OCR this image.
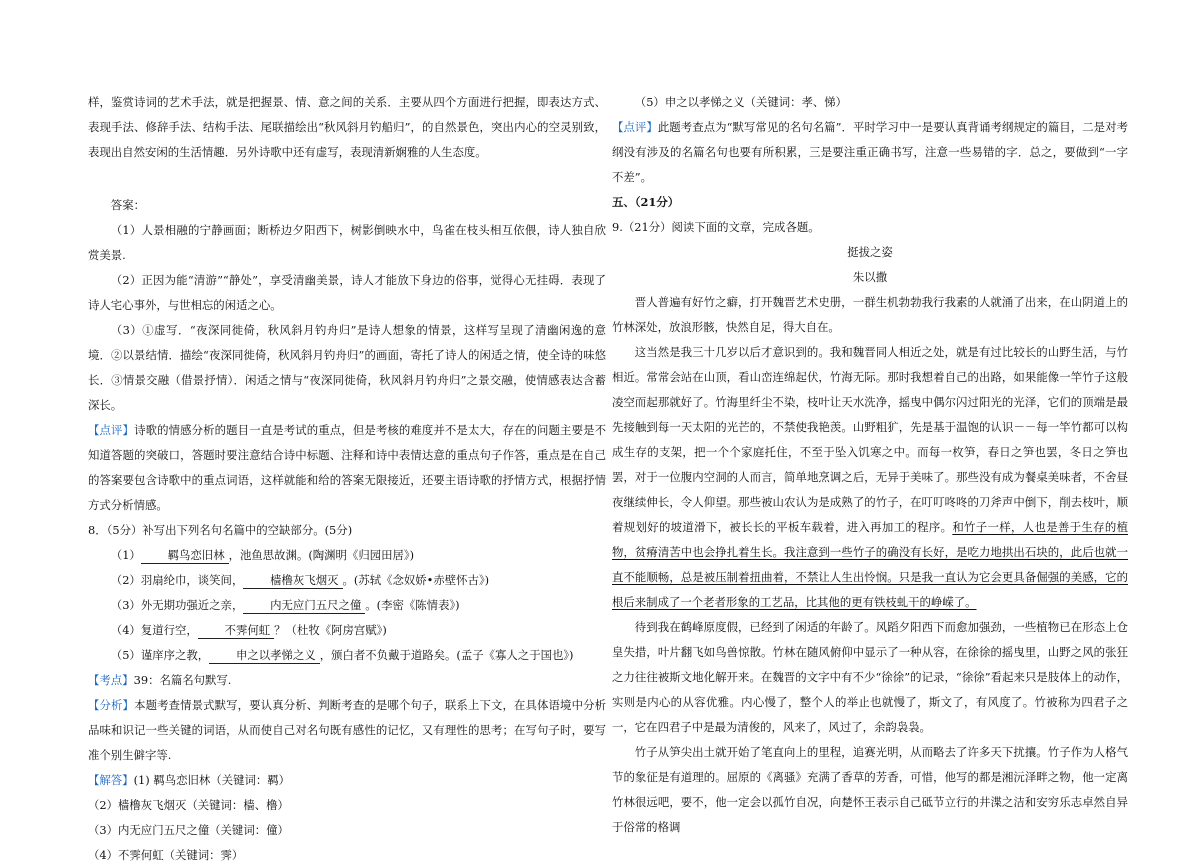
样，鉴赏诗词的艺术手法，就是把握景、情、意之间的关系．主要从四个方面进行把握，即表达方式、表现手法、修辞手法、结构手法、尾联描绘出“秋风斜月钓船归”，的自然景色，突出内心的空灵别致，表现出自然安闲的生活情趣．另外诗歌中还有虚写，表现清新娴雅的人生态度。

答案：

（1）人景相融的宁静画面；断桥边夕阳西下，树影倒映水中，鸟雀在枝头相互依偎，诗人独自欣赏美景.

（2）正因为能“清游”“静处”，享受清幽美景，诗人才能放下身边的俗事，觉得心无挂碍．表现了诗人宅心事外，与世相忘的闲适之心。

（3）①虚写．“夜深同徙倚，秋风斜月钓舟归”是诗人想象的情景，这样写呈现了清幽闲逸的意境．②以景结情．描绘“夜深同徙倚，秋风斜月钓舟归”的画面，寄托了诗人的闲适之情，使全诗的味悠长．③情景交融（借景抒情）．闲适之情与“夜深同徙倚，秋风斜月钓舟归”之景交融，使情感表达含蓄深长。

【点评】诗歌的情感分析的题目一直是考试的重点，但是考核的难度并不是太大，存在的问题主要是不知道答题的突破口，答题时要注意结合诗中标题、注释和诗中表情达意的重点句子作答，重点是在自己的答案要包含诗歌中的重点词语，这样就能和给的答案无限接近，还要主语诗歌的抒情方式，根据抒情方式分析情感。

8．（5分）补写出下列名句名篇中的空缺部分。(5分)

（1） 羁鸟恋旧林 ，池鱼思故渊。(陶渊明《归园田居》)

（2）羽扇纶巾，谈笑间， 樯橹灰飞烟灭 。(苏轼《念奴娇•赤壁怀古》)

（3）外无期功强近之亲， 内无应门五尺之僮 。(李密《陈情表》)

（4）复道行空， 不霁何虹 ？（杜牧《阿房宫赋》)

（5）谨庠序之教， 申之以孝悌之义 ，颁白者不负戴于道路矣。(孟子《寡人之于国也》)

【考点】39：名篇名句默写.

【分析】本题考查情景式默写，要认真分析、判断考查的是哪个句子，联系上下文，在具体语境中分析品味和识记一些关键的词语，从而使自己对名句既有感性的记忆，又有理性的思考；在写句子时，要写准个别生僻字等.

【解答】(1) 羁鸟恋旧林（关键词：羁）

（2）樯橹灰飞烟灭（关键词：樯、橹）

（3）内无应门五尺之僮（关键词：僮）

（4）不霁何虹（关键词：霁）

（5）申之以孝悌之义（关键词：孝、悌）

【点评】此题考查点为“默写常见的名句名篇”．平时学习中一是要认真背诵考纲规定的篇目，二是对考纲没有涉及的名篇名句也要有所积累，三是要注重正确书写，注意一些易错的字．总之，要做到“一字不差”。

五、（21分）

9.（21分）阅读下面的文章，完成各题。

挺拔之姿

朱以撒

晋人普遍有好竹之癖，打开魏晋艺术史册，一群生机勃勃我行我素的人就涌了出来，在山阴道上的竹林深处，放浪形骸，快然自足，得大自在。

这当然是我三十几岁以后才意识到的。我和魏晋同人相近之处，就是有过比较长的山野生活，与竹相近。常常会站在山顶，看山峦连绵起伏，竹海无际。那时我想着自己的出路，如果能像一竿竹子这般凌空而起那就好了。竹海里纤尘不染，枝叶让天水洗净，摇曳中偶尔闪过阳光的光泽，它们的顶端是最先接触到每一天太阳的光芒的，不禁使我艳羡。山野粗犷，先是基于温饱的认识－－每一竿竹都可以构成生存的支架，把一个个家庭托住，不至于坠入饥寒之中。而每一枚笋，春日之笋也罢，冬日之笋也罢，对于一位腹内空洞的人而言，简单地烹调之后，无异于美味了。那些没有成为餐桌美味者，不舍昼夜继续伸长，令人仰望。那些被山农认为是成熟了的竹子，在叮叮咚咚的刀斧声中倒下，削去枝叶，顺着规划好的坡道滑下，被长长的平板车载着，进入再加工的程序。和竹子一样，人也是善于生存的植物，贫瘠清苦中也会挣扎着生长。我注意到一些竹子的确没有长好，是吃力地拱出石块的，此后也就一直不能顺畅，总是被压制着扭曲着，不禁让人生出怜悯。只是我一直认为它会更具备倔强的美感，它的根后来制成了一个老者形象的工艺品，比其他的更有铁枝虬干的峥嵘了。

待到我在鹤峰原度假，已经到了闲适的年龄了。风蹈夕阳西下而愈加强劲，一些植物已在形态上仓皇失措，叶片翻飞如鸟兽惊散。竹林在随风俯仰中显示了一种从容，在徐徐的摇曳里，山野之风的张狂之力往往被斯文地化解开来。在魏晋的文字中有不少“徐徐”的记录，“徐徐”看起来只是肢体上的动作，实则是内心的从容优雅。内心慢了，整个人的举止也就慢了，斯文了，有风度了。竹被称为四君子之一，它在四君子中是最为清俊的，风来了，风过了，余韵袅袅。

竹子从笋尖出土就开始了笔直向上的里程，追赛光明，从而略去了许多天下扰攘。竹子作为人格气节的象征是有道理的。屈原的《离骚》充满了香草的芳香，可惜，他写的都是湘沅泽畔之物，他一定离竹林很远吧，要不，他一定会以孤竹自况，向楚怀王表示自己砥节立行的井渫之洁和安穷乐志卓然自异于俗常的格调
